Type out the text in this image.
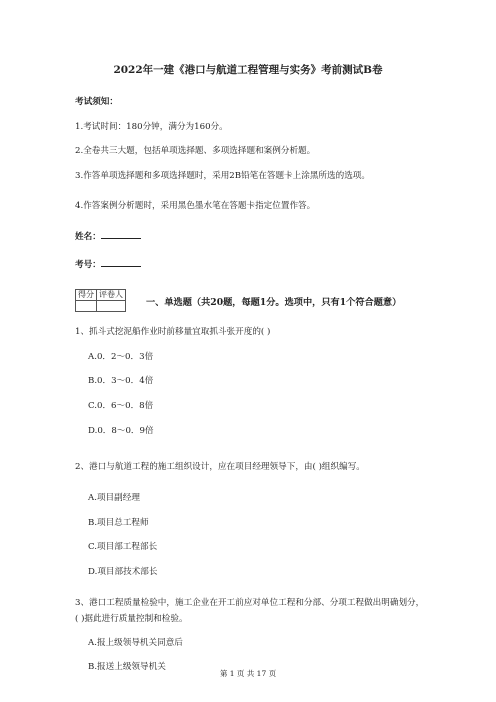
2022年一建《港口与航道工程管理与实务》考前测试B卷
考试须知：
1.考试时间：180分钟，满分为160分。
2.全卷共三大题，包括单项选择题、多项选择题和案例分析题。
3.作答单项选择题和多项选择题时，采用2B铅笔在答题卡上涂黑所选的选项。
4.作答案例分析题时，采用黑色墨水笔在答题卡指定位置作答。
姓名：
考号：
得分	评卷人

一、单选题（共20题，每题1分。选项中，只有1个符合题意）
1、抓斗式挖泥船作业时前移量宜取抓斗张开度的( )
A.0．2～0．3倍
B.0．3～0．4倍
C.0．6～0．8倍
D.0．8～0．9倍
2、港口与航道工程的施工组织设计，应在项目经理领导下，由( )组织编写。
A.项目副经理
B.项目总工程师
C.项目部工程部长
D.项目部技术部长
3、港口工程质量检验中，施工企业在开工前应对单位工程和分部、分项工程做出明确划分，
( )据此进行质量控制和检验。
A.报上级领导机关同意后
B.报送上级领导机关
第 1 页 共 17 页
